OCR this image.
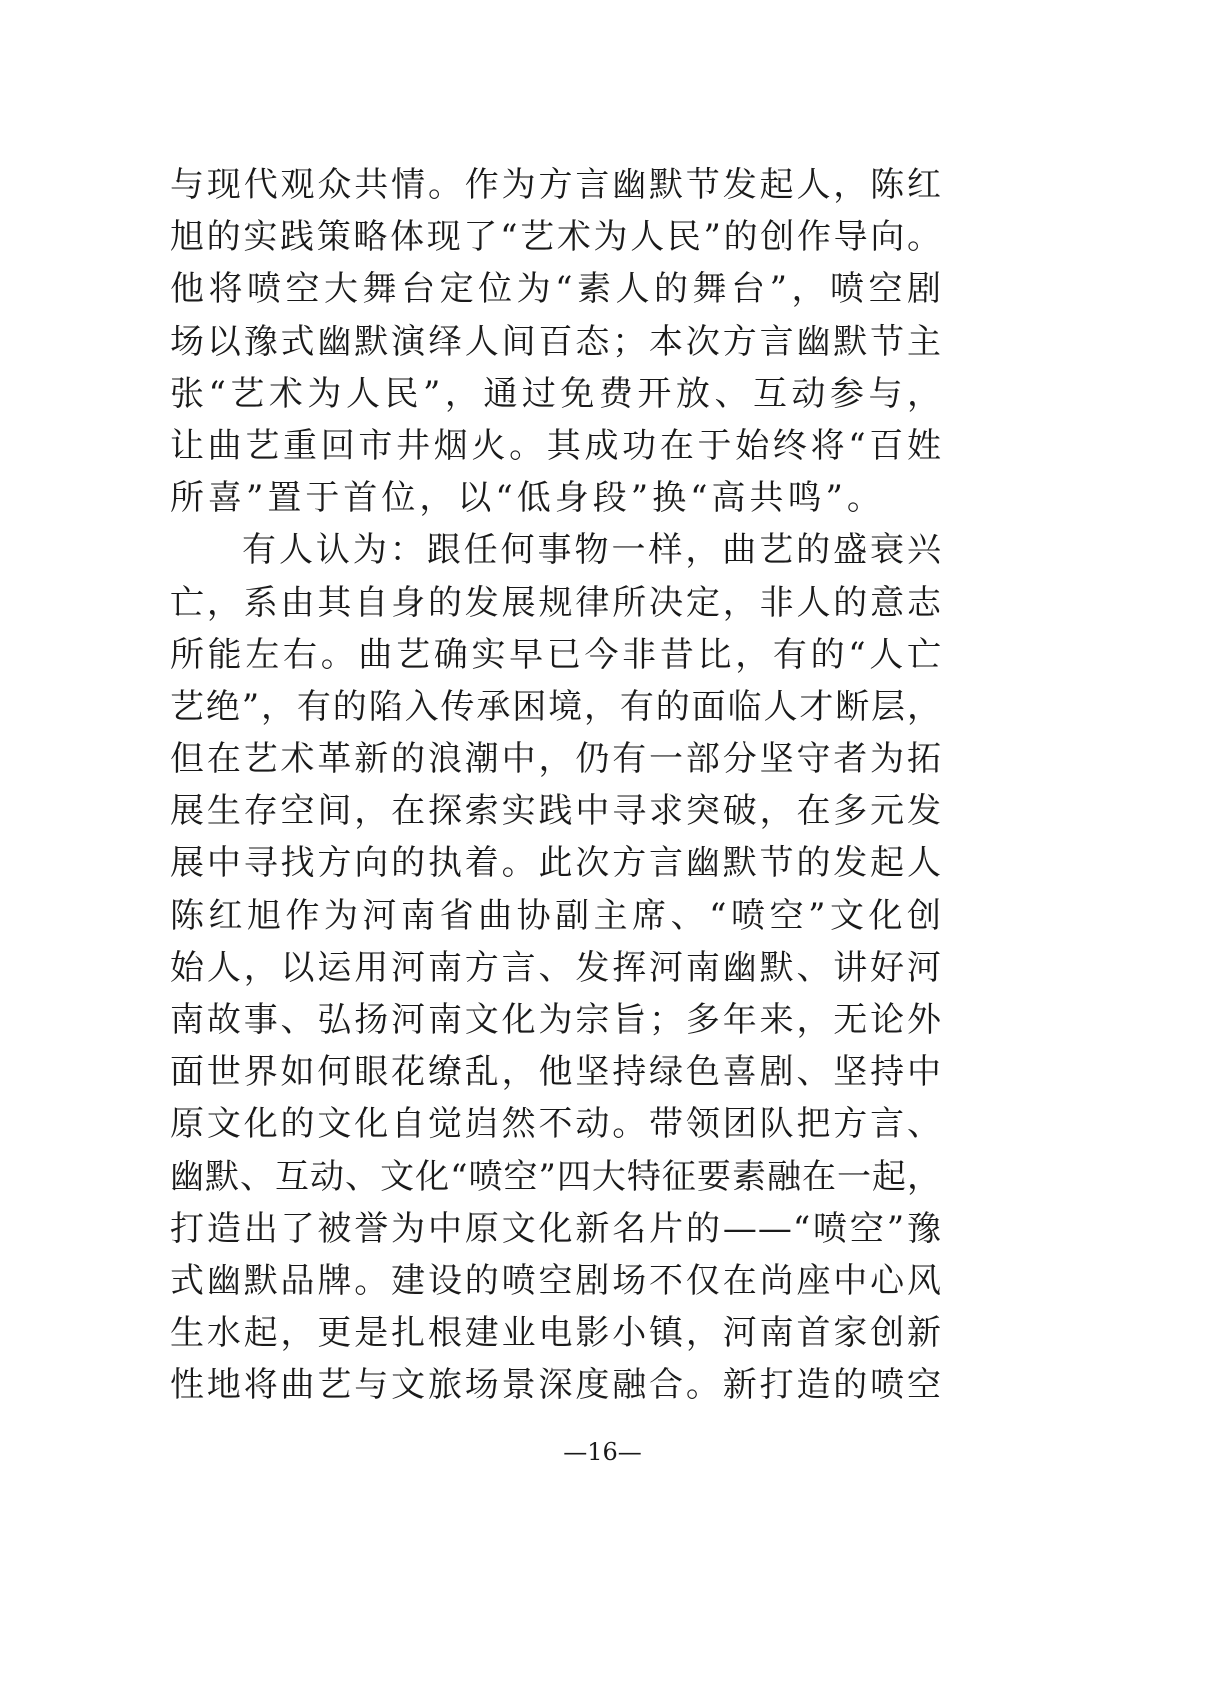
与现代观众共情。作为方言幽默节发起人，陈红
旭的实践策略体现了“艺术为人民”的创作导向。
他将喷空大舞台定位为“素人的舞台”，喷空剧
场以豫式幽默演绎人间百态；本次方言幽默节主
张“艺术为人民”，通过免费开放、互动参与，
让曲艺重回市井烟火。其成功在于始终将“百姓
所喜”置于首位，以“低身段”换“高共鸣”。
有人认为：跟任何事物一样，曲艺的盛衰兴
亡，系由其自身的发展规律所决定，非人的意志
所能左右。曲艺确实早已今非昔比，有的“人亡
艺绝”，有的陷入传承困境，有的面临人才断层，
但在艺术革新的浪潮中，仍有一部分坚守者为拓
展生存空间，在探索实践中寻求突破，在多元发
展中寻找方向的执着。此次方言幽默节的发起人
陈红旭作为河南省曲协副主席、“喷空”文化创
始人，以运用河南方言、发挥河南幽默、讲好河
南故事、弘扬河南文化为宗旨；多年来，无论外
面世界如何眼花缭乱，他坚持绿色喜剧、坚持中
原文化的文化自觉岿然不动。带领团队把方言、
幽默、互动、文化“喷空”四大特征要素融在一起，
打造出了被誉为中原文化新名片的——“喷空”豫
式幽默品牌。建设的喷空剧场不仅在尚座中心风
生水起，更是扎根建业电影小镇，河南首家创新
性地将曲艺与文旅场景深度融合。新打造的喷空
—16—
